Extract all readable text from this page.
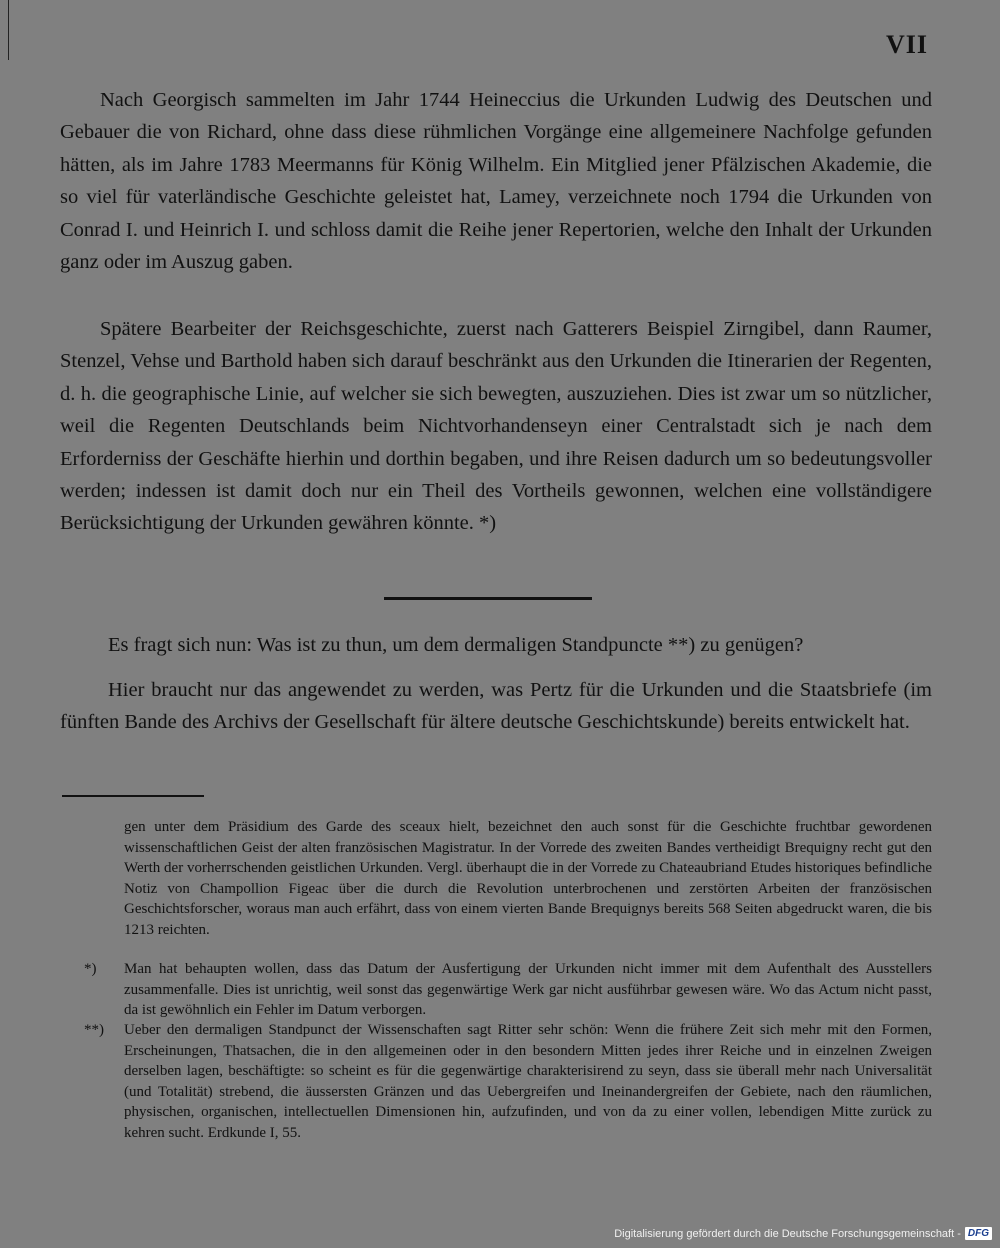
VII

Nach Georgisch sammelten im Jahr 1744 Heineccius die Urkunden Ludwig des Deutschen und Gebauer die von Richard, ohne dass diese rühmlichen Vorgänge eine allgemeinere Nachfolge gefunden hätten, als im Jahre 1783 Meermanns für König Wilhelm. Ein Mitglied jener Pfälzischen Akademie, die so viel für vaterländische Geschichte geleistet hat, Lamey, verzeichnete noch 1794 die Urkunden von Conrad I. und Heinrich I. und schloss damit die Reihe jener Repertorien, welche den Inhalt der Urkunden ganz oder im Auszug gaben.

Spätere Bearbeiter der Reichsgeschichte, zuerst nach Gatterers Beispiel Zirngibel, dann Raumer, Stenzel, Vehse und Barthold haben sich darauf beschränkt aus den Urkunden die Itinerarien der Regenten, d. h. die geographische Linie, auf welcher sie sich bewegten, auszuziehen. Dies ist zwar um so nützlicher, weil die Regenten Deutschlands beim Nichtvorhandenseyn einer Centralstadt sich je nach dem Erforderniss der Geschäfte hierhin und dorthin begaben, und ihre Reisen dadurch um so bedeutungsvoller werden; indessen ist damit doch nur ein Theil des Vortheils gewonnen, welchen eine vollständigere Berücksichtigung der Urkunden gewähren könnte. *)

Es fragt sich nun: Was ist zu thun, um dem dermaligen Standpuncte **) zu genügen?

Hier braucht nur das angewendet zu werden, was Pertz für die Urkunden und die Staatsbriefe (im fünften Bande des Archivs der Gesellschaft für ältere deutsche Geschichtskunde) bereits entwickelt hat.

gen unter dem Präsidium des Garde des sceaux hielt, bezeichnet den auch sonst für die Geschichte fruchtbar gewordenen wissenschaftlichen Geist der alten französischen Magistratur. In der Vorrede des zweiten Bandes vertheidigt Brequigny recht gut den Werth der vorherrschenden geistlichen Urkunden. Vergl. überhaupt die in der Vorrede zu Chateaubriand Etudes historiques befindliche Notiz von Champollion Figeac über die durch die Revolution unterbrochenen und zerstörten Arbeiten der französischen Geschichtsforscher, woraus man auch erfährt, dass von einem vierten Bande Brequignys bereits 568 Seiten abgedruckt waren, die bis 1213 reichten.

*)	Man hat behaupten wollen, dass das Datum der Ausfertigung der Urkunden nicht immer mit dem Aufenthalt des Ausstellers zusammenfalle. Dies ist unrichtig, weil sonst das gegenwärtige Werk gar nicht ausführbar gewesen wäre. Wo das Actum nicht passt, da ist gewöhnlich ein Fehler im Datum verborgen.
**)	Ueber den dermaligen Standpunct der Wissenschaften sagt Ritter sehr schön: Wenn die frühere Zeit sich mehr mit den Formen, Erscheinungen, Thatsachen, die in den allgemeinen oder in den besondern Mitten jedes ihrer Reiche und in einzelnen Zweigen derselben lagen, beschäftigte: so scheint es für die gegenwärtige charakterisirend zu seyn, dass sie überall mehr nach Universalität (und Totalität) strebend, die äussersten Gränzen und das Uebergreifen und Ineinandergreifen der Gebiete, nach den räumlichen, physischen, organischen, intellectuellen Dimensionen hin, aufzufinden, und von da zu einer vollen, lebendigen Mitte zurück zu kehren sucht. Erdkunde I, 55.
Digitalisierung gefördert durch die Deutsche Forschungsgemeinschaft - DFG
